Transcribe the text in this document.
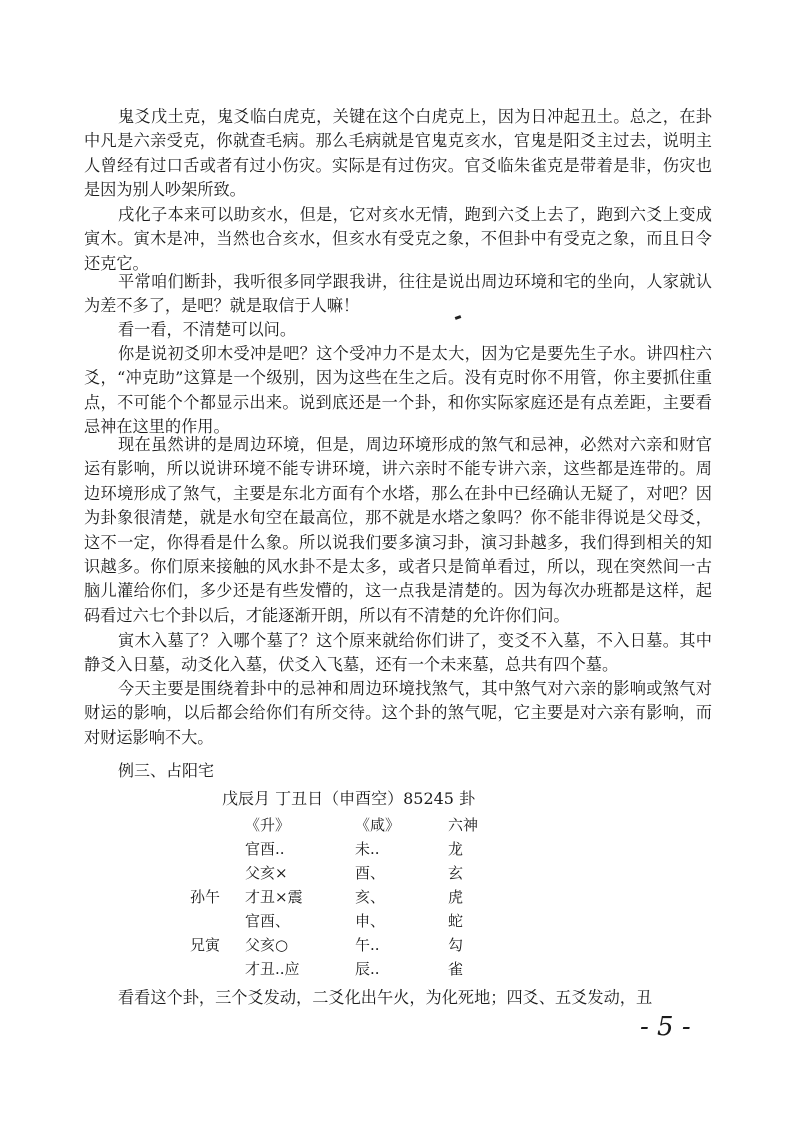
鬼爻戊土克，鬼爻临白虎克，关键在这个白虎克上，因为日冲起丑土。总之，在卦中凡是六亲受克，你就查毛病。那么毛病就是官鬼克亥水，官鬼是阳爻主过去，说明主人曾经有过口舌或者有过小伤灾。实际是有过伤灾。官爻临朱雀克是带着是非，伤灾也是因为别人吵架所致。

戌化子本来可以助亥水，但是，它对亥水无情，跑到六爻上去了，跑到六爻上变成寅木。寅木是冲，当然也合亥水，但亥水有受克之象，不但卦中有受克之象，而且日令还克它。

平常咱们断卦，我听很多同学跟我讲，往往是说出周边环境和宅的坐向，人家就认为差不多了，是吧？就是取信于人嘛！

看一看，不清楚可以问。

你是说初爻卯木受冲是吧？这个受冲力不是太大，因为它是要先生子水。讲四柱六爻，“冲克助”这算是一个级别，因为这些在生之后。没有克时你不用管，你主要抓住重点，不可能个个都显示出来。说到底还是一个卦，和你实际家庭还是有点差距，主要看忌神在这里的作用。

现在虽然讲的是周边环境，但是，周边环境形成的煞气和忌神，必然对六亲和财官运有影响，所以说讲环境不能专讲环境，讲六亲时不能专讲六亲，这些都是连带的。周边环境形成了煞气，主要是东北方面有个水塔，那么在卦中已经确认无疑了，对吧？因为卦象很清楚，就是水旬空在最高位，那不就是水塔之象吗？你不能非得说是父母爻，这不一定，你得看是什么象。所以说我们要多演习卦，演习卦越多，我们得到相关的知识越多。你们原来接触的风水卦不是太多，或者只是简单看过，所以，现在突然间一古脑儿灌给你们，多少还是有些发懵的，这一点我是清楚的。因为每次办班都是这样，起码看过六七个卦以后，才能逐渐开朗，所以有不清楚的允许你们问。

寅木入墓了？入哪个墓了？这个原来就给你们讲了，变爻不入墓，不入日墓。其中静爻入日墓，动爻化入墓，伏爻入飞墓，还有一个未来墓，总共有四个墓。

今天主要是围绕着卦中的忌神和周边环境找煞气，其中煞气对六亲的影响或煞气对财运的影响，以后都会给你们有所交待。这个卦的煞气呢，它主要是对六亲有影响，而对财运影响不大。

例三、占阳宅

戊辰月 丁丑日（申酉空）85245 卦

《升》	《咸》	六神
官酉..	未..	龙
父亥×	酉、	玄
孙午 才丑×震	亥、	虎
官酉、	申、	蛇
兄寅 父亥○	午..	勾
才丑..应	辰..	雀

看看这个卦，三个爻发动，二爻化出午火，为化死地；四爻、五爻发动，丑

- 5 -
